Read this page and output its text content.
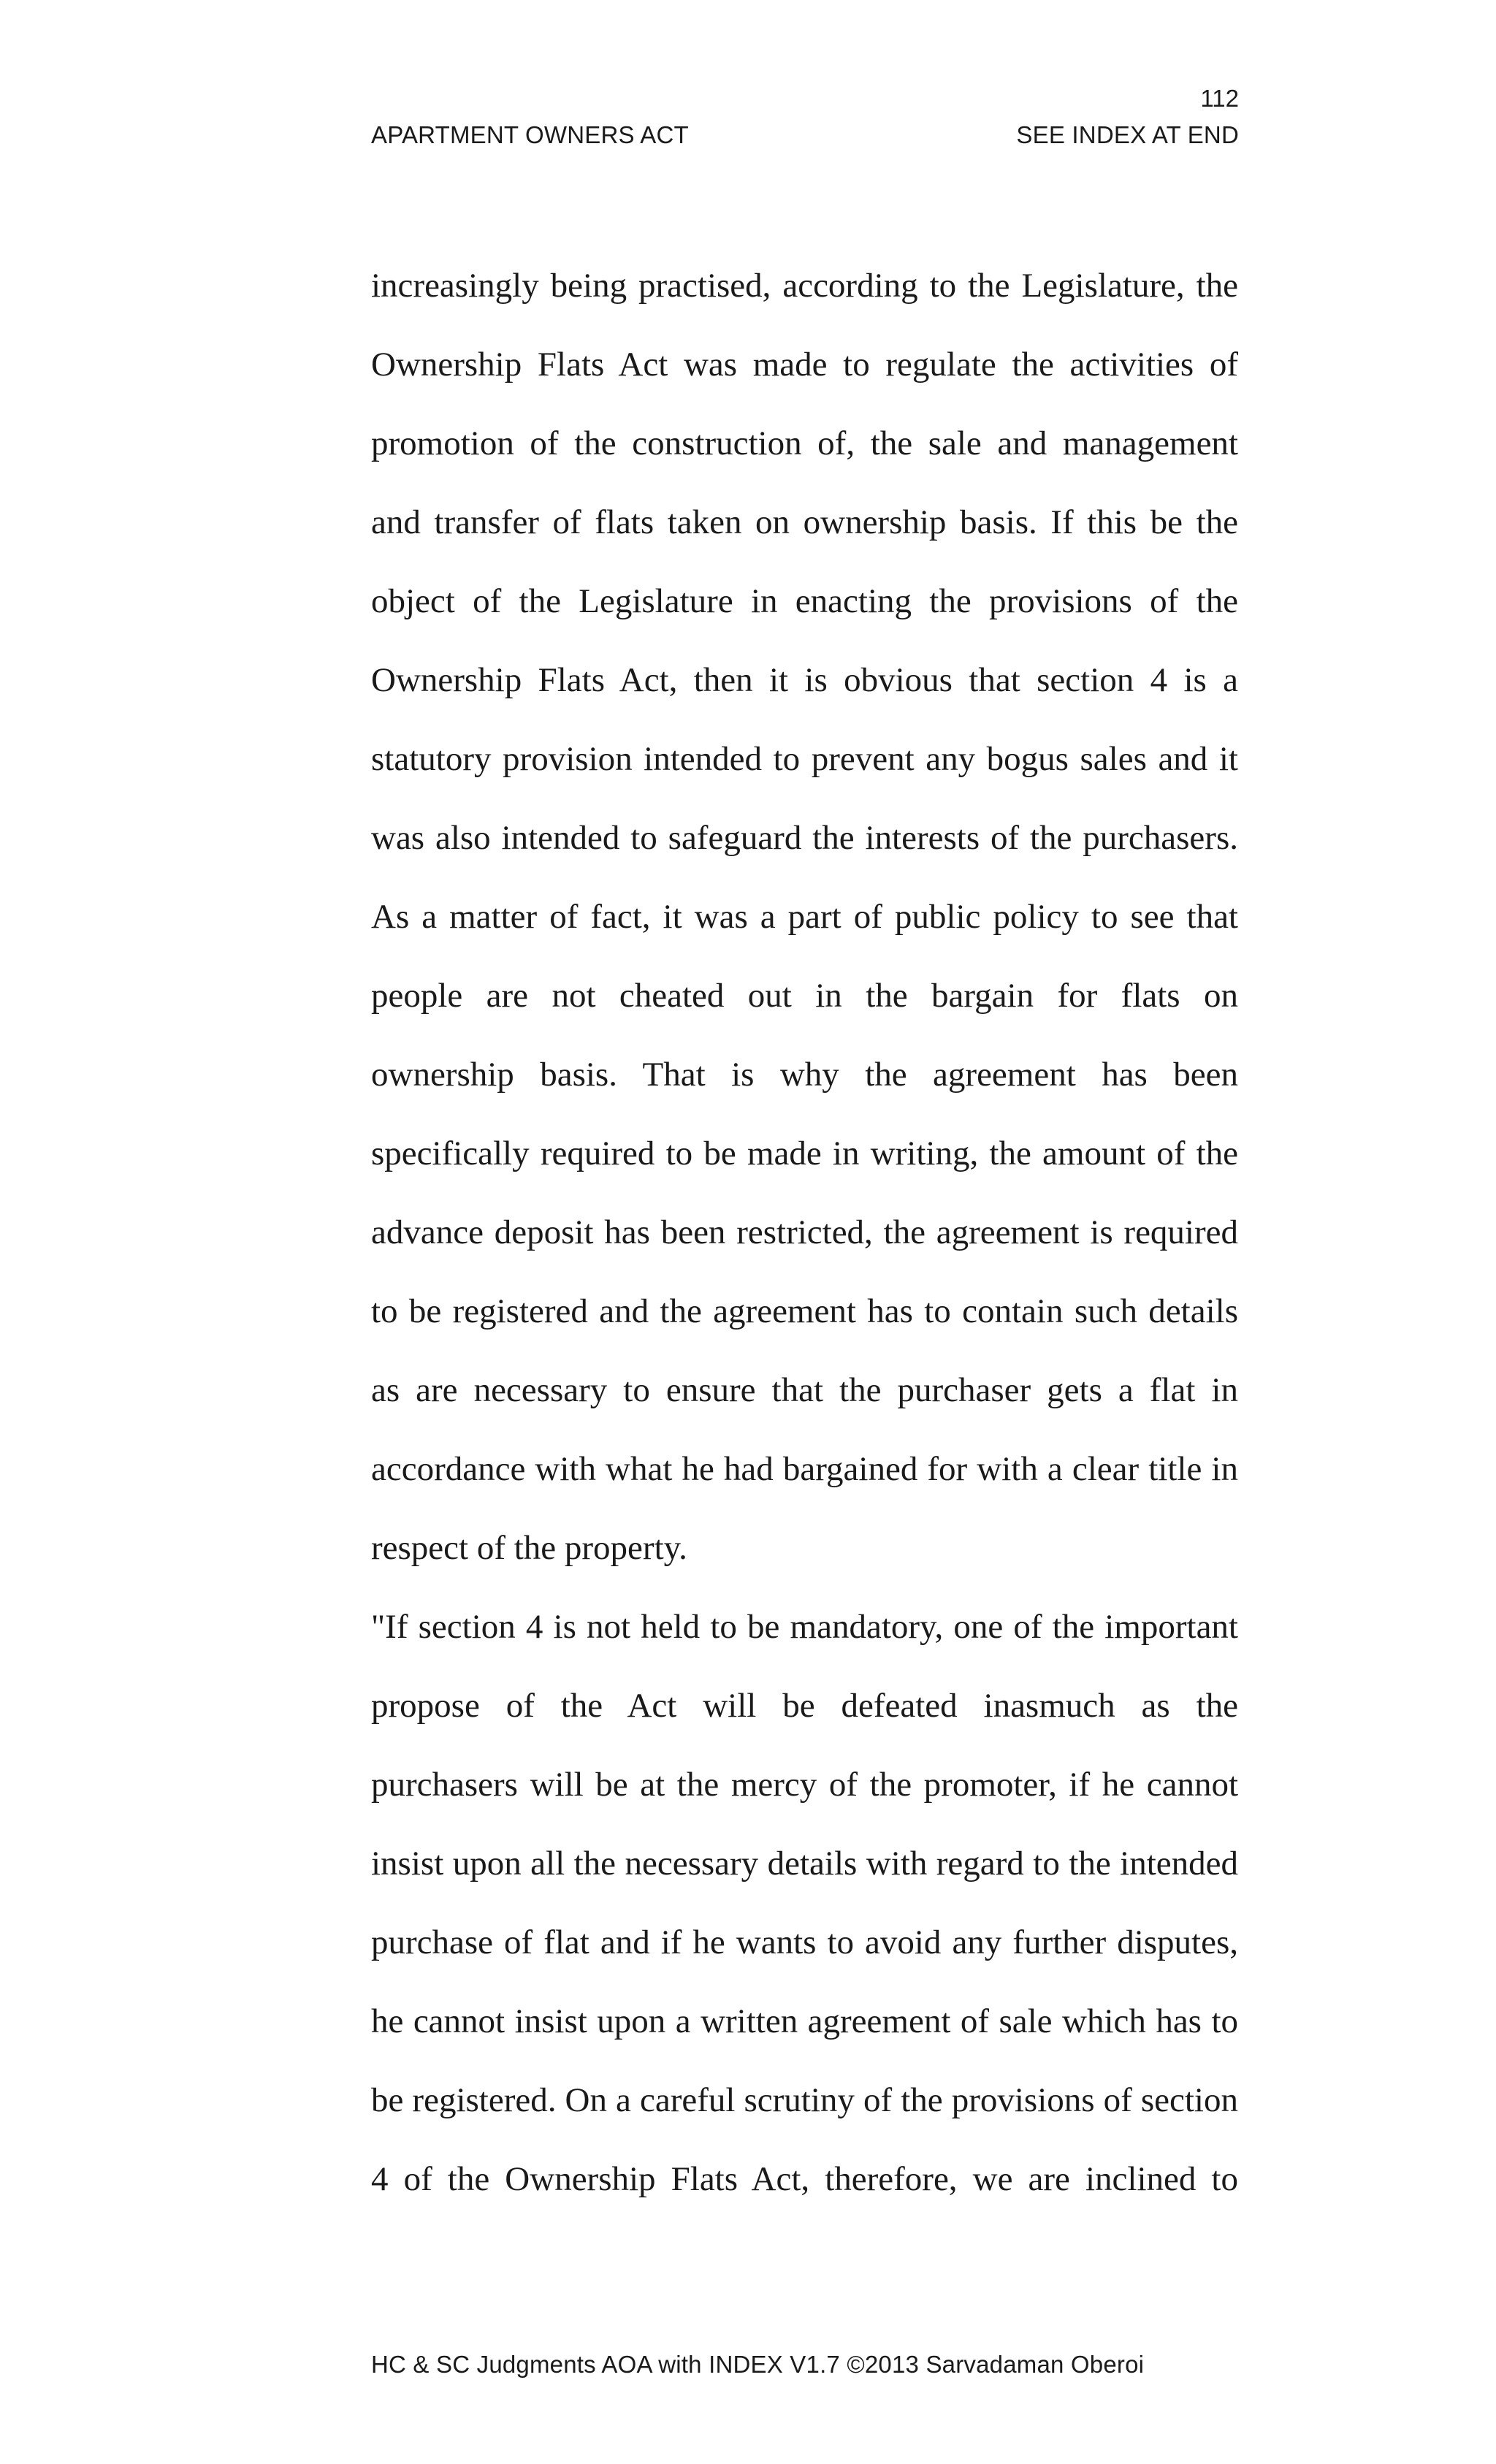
112
APARTMENT OWNERS ACT	SEE INDEX AT END
increasingly being practised, according to the Legislature, the
Ownership Flats Act was made to regulate the activities of
promotion of the construction of, the sale and management
and transfer of flats taken on ownership basis. If this be the
object of the Legislature in enacting the provisions of the
Ownership Flats Act, then it is obvious that section 4 is a
statutory provision intended to prevent any bogus sales and it
was also intended to safeguard the interests of the purchasers.
As a matter of fact, it was a part of public policy to see that
people are not cheated out in the bargain for flats on
ownership basis. That is why the agreement has been
specifically required to be made in writing, the amount of the
advance deposit has been restricted, the agreement is required
to be registered and the agreement has to contain such details
as are necessary to ensure that the purchaser gets a flat in
accordance with what he had bargained for with a clear title in
respect of the property.
"If section 4 is not held to be mandatory, one of the important
propose of the Act will be defeated inasmuch as the
purchasers will be at the mercy of the promoter, if he cannot
insist upon all the necessary details with regard to the intended
purchase of flat and if he wants to avoid any further disputes,
he cannot insist upon a written agreement of sale which has to
be registered. On a careful scrutiny of the provisions of section
4 of the Ownership Flats Act, therefore, we are inclined to
HC & SC Judgments AOA with INDEX V1.7 ©2013 Sarvadaman Oberoi
